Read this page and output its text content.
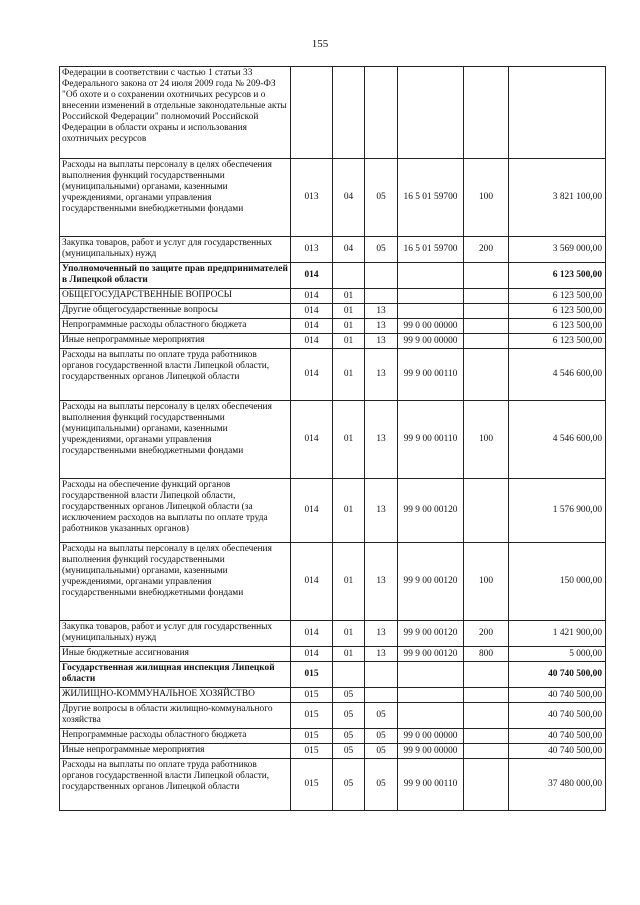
155
Федерации в соответствии с частью 1 статьи 33 Федерального закона от 24 июля 2009 года № 209-ФЗ "Об охоте и о сохранении охотничьих ресурсов и о внесении изменений в отдельные законодательные акты Российской Федерации" полномочий Российской Федерации в области охраны и использования охотничьих ресурсов						
Расходы на выплаты персоналу в целях обеспечения выполнения функций государственными (муниципальными) органами, казенными учреждениями, органами управления государственными внебюджетными фондами	013	04	05	16 5 01 59700	100	3 821 100,00
Закупка товаров, работ и услуг для государственных (муниципальных) нужд	013	04	05	16 5 01 59700	200	3 569 000,00
Уполномоченный по защите прав предпринимателей в Липецкой области	014					6 123 500,00
ОБЩЕГОСУДАРСТВЕННЫЕ ВОПРОСЫ	014	01				6 123 500,00
Другие общегосударственные вопросы	014	01	13			6 123 500,00
Непрограммные расходы областного бюджета	014	01	13	99 0 00 00000		6 123 500,00
Иные непрограммные мероприятия	014	01	13	99 9 00 00000		6 123 500,00
Расходы на выплаты по оплате труда работников органов государственной власти Липецкой области, государственных органов Липецкой области	014	01	13	99 9 00 00110		4 546 600,00
Расходы на выплаты персоналу в целях обеспечения выполнения функций государственными (муниципальными) органами, казенными учреждениями, органами управления государственными внебюджетными фондами	014	01	13	99 9 00 00110	100	4 546 600,00
Расходы на обеспечение функций органов государственной власти Липецкой области, государственных органов Липецкой области (за исключением расходов на выплаты по оплате труда работников указанных органов)	014	01	13	99 9 00 00120		1 576 900,00
Расходы на выплаты персоналу в целях обеспечения выполнения функций государственными (муниципальными) органами, казенными учреждениями, органами управления государственными внебюджетными фондами	014	01	13	99 9 00 00120	100	150 000,00
Закупка товаров, работ и услуг для государственных (муниципальных) нужд	014	01	13	99 9 00 00120	200	1 421 900,00
Иные бюджетные ассигнования	014	01	13	99 9 00 00120	800	5 000,00
Государственная жилищная инспекция Липецкой области	015					40 740 500,00
ЖИЛИЩНО-КОММУНАЛЬНОЕ ХОЗЯЙСТВО	015	05				40 740 500,00
Другие вопросы в области жилищно-коммунального хозяйства	015	05	05			40 740 500,00
Непрограммные расходы областного бюджета	015	05	05	99 0 00 00000		40 740 500,00
Иные непрограммные мероприятия	015	05	05	99 9 00 00000		40 740 500,00
Расходы на выплаты по оплате труда работников органов государственной власти Липецкой области, государственных органов Липецкой области	015	05	05	99 9 00 00110		37 480 000,00
